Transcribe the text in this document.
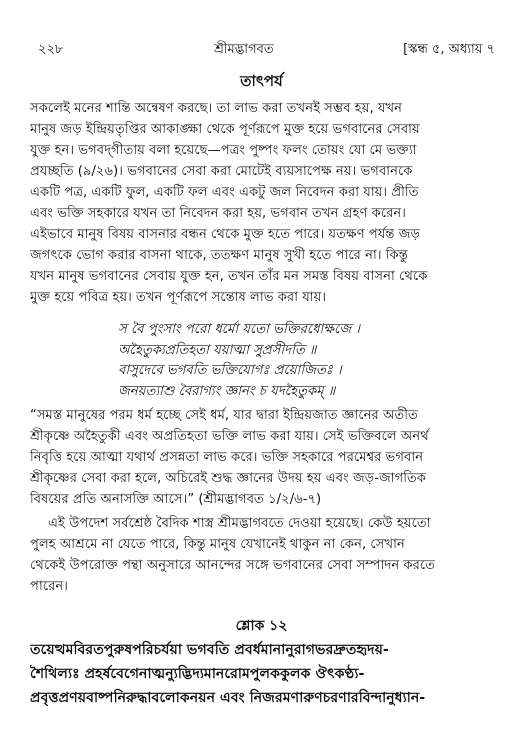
২২৮	শ্রীমদ্ভাগবত	[স্কন্ধ ৫, অধ্যায় ৭
তাৎপর্য
সকলেই মনের শান্তি অন্বেষণ করছে। তা লাভ করা তখনই সম্ভব হয়, যখন
মানুষ জড় ইন্দ্রিয়তৃপ্তির আকাঙ্ক্ষা থেকে পূর্ণরূপে মুক্ত হয়ে ভগবানের সেবায়
যুক্ত হন। ভগবদ্‌গীতায় বলা হয়েছে—পত্রং পুষ্পং ফলং তোয়ং যো মে ভক্ত্যা
প্রযচ্ছতি (৯/২৬)। ভগবানের সেবা করা মোটেই ব্যয়সাপেক্ষ নয়। ভগবানকে
একটি পত্র, একটি ফুল, একটি ফল এবং একটু জল নিবেদন করা যায়। প্রীতি
এবং ভক্তি সহকারে যখন তা নিবেদন করা হয়, ভগবান তখন গ্রহণ করেন।
এইভাবে মানুষ বিষয় বাসনার বন্ধন থেকে মুক্ত হতে পারে। যতক্ষণ পর্যন্ত জড়
জগৎকে ভোগ করার বাসনা থাকে, ততক্ষণ মানুষ সুখী হতে পারে না। কিন্তু
যখন মানুষ ভগবানের সেবায় যুক্ত হন, তখন তাঁর মন সমস্ত বিষয় বাসনা থেকে
মুক্ত হয়ে পবিত্র হয়। তখন পূর্ণরূপে সন্তোষ লাভ করা যায়।
স বৈ পুংসাং পরো ধর্মো যতো ভক্তিরধোক্ষজে ।
অহৈতুক্যপ্রতিহতা যয়াত্মা সুপ্রসীদতি ॥
বাসুদেবে ভগবতি ভক্তিযোগঃ প্রয়োজিতঃ ।
জনয়ত্যাশু বৈরাগ্যং জ্ঞানং চ যদহৈতুকম্ ॥
“সমস্ত মানুষের পরম ধর্ম হচ্ছে সেই ধর্ম, যার দ্বারা ইন্দ্রিয়জাত জ্ঞানের অতীত
শ্রীকৃষ্ণে অহৈতুকী এবং অপ্রতিহতা ভক্তি লাভ করা যায়। সেই ভক্তিবলে অনর্থ
নিবৃত্তি হয়ে আত্মা যথার্থ প্রসন্নতা লাভ করে। ভক্তি সহকারে পরমেশ্বর ভগবান
শ্রীকৃষ্ণের সেবা করা হলে, অচিরেই শুদ্ধ জ্ঞানের উদয় হয় এবং জড়-জাগতিক
বিষয়ের প্রতি অনাসক্তি আসে।” (শ্রীমদ্ভাগবত ১/২/৬-৭)
এই উপদেশ সর্বশ্রেষ্ঠ বৈদিক শাস্ত্র শ্রীমদ্ভাগবতে দেওয়া হয়েছে। কেউ হয়তো
পুলহ আশ্রমে না যেতে পারে, কিন্তু মানুষ যেখানেই থাকুন না কেন, সেখান
থেকেই উপরোক্ত পন্থা অনুসারে আনন্দের সঙ্গে ভগবানের সেবা সম্পাদন করতে
পারেন।
শ্লোক ১২
তয়েত্থমবিরতপুরুষপরিচর্যয়া ভগবতি প্রবর্ধমানানুরাগভরদ্রুতহৃদয়-
শৈথিল্যঃ প্রহর্ষবেগেনাত্মন্যুদ্ভিদ্যমানরোমপুলককুলক ঔৎকণ্ঠ্য-
প্রবৃত্তপ্রণয়বাষ্পনিরুদ্ধাবলোকনয়ন এবং নিজরমণারুণচরণারবিন্দানুধ্যান-
